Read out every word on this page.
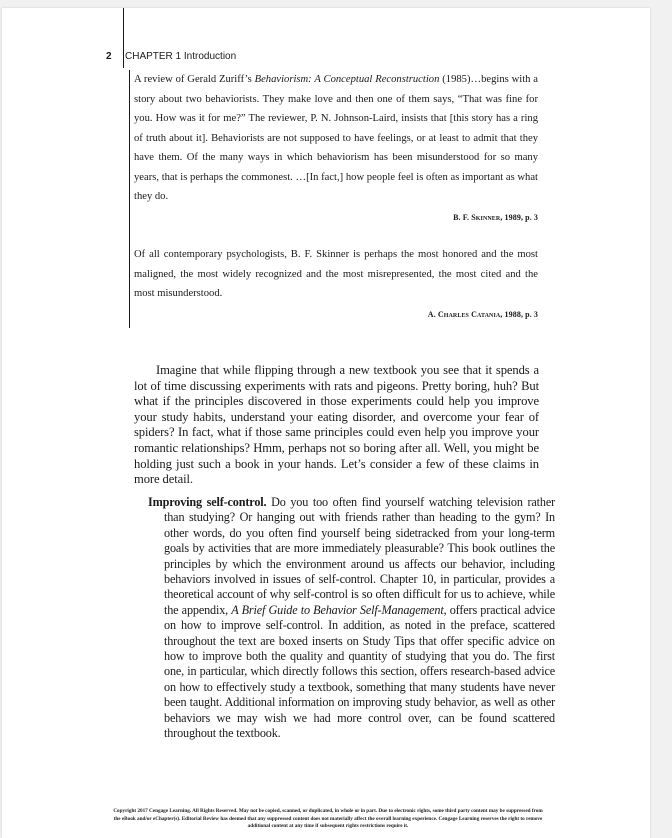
2 CHAPTER 1 Introduction

A review of Gerald Zuriff’s Behaviorism: A Conceptual Reconstruction (1985)…begins with a story about two behaviorists. They make love and then one of them says, “That was fine for you. How was it for me?” The reviewer, P. N. Johnson-Laird, insists that [this story has a ring of truth about it]. Behaviorists are not supposed to have feelings, or at least to admit that they have them. Of the many ways in which behaviorism has been misunderstood for so many years, that is perhaps the commonest. …[In fact,] how people feel is often as important as what they do.

B. F. Skinner, 1989, p. 3

Of all contemporary psychologists, B. F. Skinner is perhaps the most honored and the most maligned, the most widely recognized and the most misrepresented, the most cited and the most misunderstood.

A. Charles Catania, 1988, p. 3

Imagine that while flipping through a new textbook you see that it spends a lot of time discussing experiments with rats and pigeons. Pretty boring, huh? But what if the principles discovered in those experiments could help you improve your study habits, understand your eating disorder, and overcome your fear of spiders? In fact, what if those same principles could even help you improve your romantic relationships? Hmm, perhaps not so boring after all. Well, you might be holding just such a book in your hands. Let’s consider a few of these claims in more detail.

Improving self-control. Do you too often find yourself watching television rather than studying? Or hanging out with friends rather than heading to the gym? In other words, do you often find yourself being sidetracked from your long-term goals by activities that are more immediately pleasurable? This book outlines the principles by which the environment around us affects our behavior, including behaviors involved in issues of self-control. Chapter 10, in particular, provides a theoretical account of why self-control is so often difficult for us to achieve, while the appendix, A Brief Guide to Behavior Self-Management, offers practical advice on how to improve self-control. In addition, as noted in the preface, scattered throughout the text are boxed inserts on Study Tips that offer specific advice on how to improve both the quality and quantity of studying that you do. The first one, in particular, which directly follows this section, offers research-based advice on how to effectively study a textbook, something that many students have never been taught. Additional information on improving study behavior, as well as other behaviors we may wish we had more control over, can be found scattered throughout the textbook.

Copyright 2017 Cengage Learning. All Rights Reserved. May not be copied, scanned, or duplicated, in whole or in part. Due to electronic rights, some third party content may be suppressed from the eBook and/or eChapter(s). Editorial Review has deemed that any suppressed content does not materially affect the overall learning experience. Cengage Learning reserves the right to remove additional content at any time if subsequent rights restrictions require it.
